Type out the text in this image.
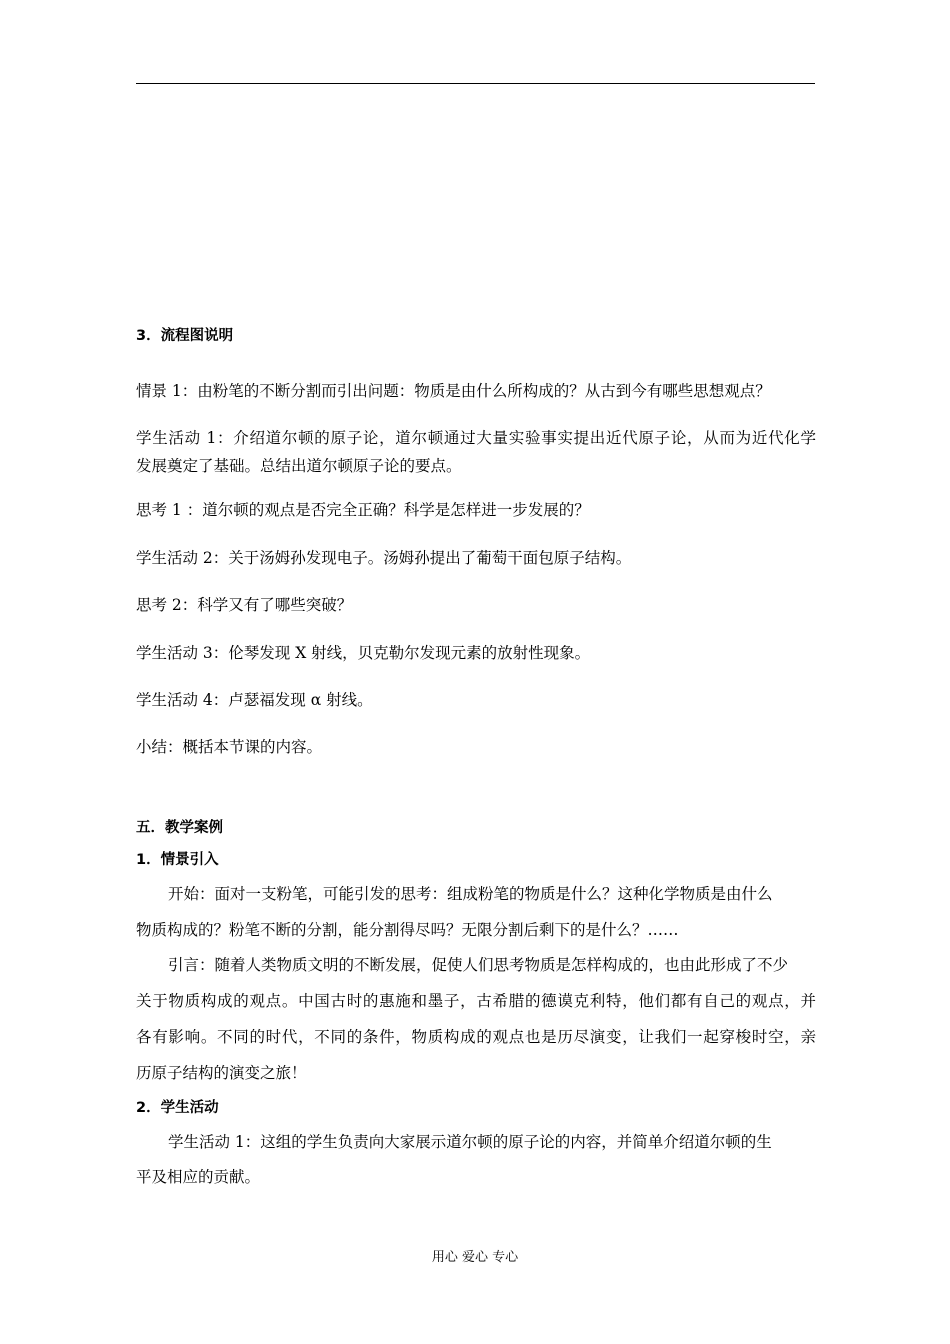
3．流程图说明
情景 1：由粉笔的不断分割而引出问题：物质是由什么所构成的？从古到今有哪些思想观点？
学生活动 1：介绍道尔顿的原子论，道尔顿通过大量实验事实提出近代原子论，从而为近代化学
发展奠定了基础。总结出道尔顿原子论的要点。
思考 1 ：道尔顿的观点是否完全正确？科学是怎样进一步发展的？
学生活动 2：关于汤姆孙发现电子。汤姆孙提出了葡萄干面包原子结构。
思考 2：科学又有了哪些突破？
学生活动 3：伦琴发现 X 射线，贝克勒尔发现元素的放射性现象。
学生活动 4：卢瑟福发现 α 射线。
小结：概括本节课的内容。
五．教学案例
1．情景引入
开始：面对一支粉笔，可能引发的思考：组成粉笔的物质是什么？这种化学物质是由什么
物质构成的？粉笔不断的分割，能分割得尽吗？无限分割后剩下的是什么？……
引言：随着人类物质文明的不断发展，促使人们思考物质是怎样构成的，也由此形成了不少
关于物质构成的观点。中国古时的惠施和墨子，古希腊的德谟克利特，他们都有自己的观点，并
各有影响。不同的时代，不同的条件，物质构成的观点也是历尽演变，让我们一起穿梭时空，亲
历原子结构的演变之旅！
2．学生活动
学生活动 1：这组的学生负责向大家展示道尔顿的原子论的内容，并简单介绍道尔顿的生
平及相应的贡献。
用心 爱心 专心
